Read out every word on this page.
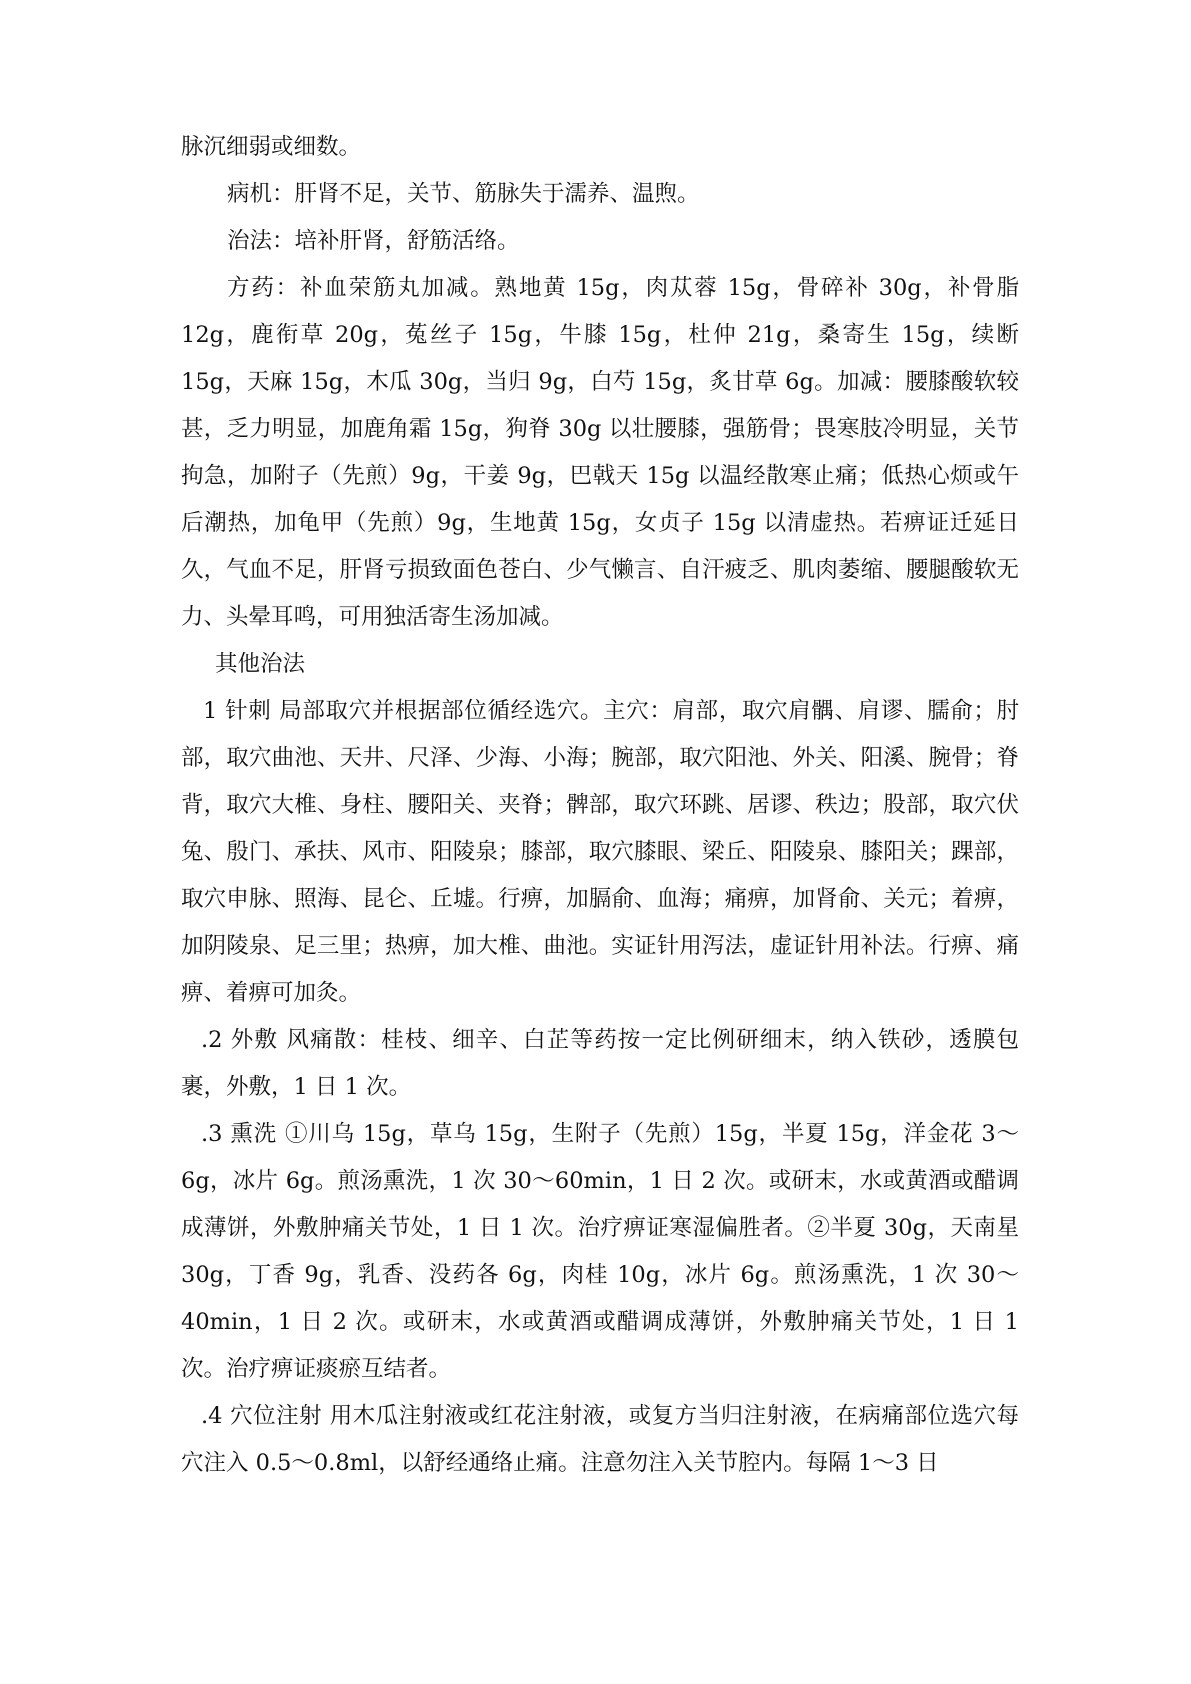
脉沉细弱或细数。

病机：肝肾不足，关节、筋脉失于濡养、温煦。

治法：培补肝肾，舒筋活络。

方药：补血荣筋丸加减。熟地黄 15g，肉苁蓉 15g，骨碎补 30g，补骨脂 12g，鹿衔草 20g，菟丝子 15g，牛膝 15g，杜仲 21g，桑寄生 15g，续断 15g，天麻 15g，木瓜 30g，当归 9g，白芍 15g，炙甘草 6g。加减：腰膝酸软较甚，乏力明显，加鹿角霜 15g，狗脊 30g 以壮腰膝，强筋骨；畏寒肢冷明显，关节拘急，加附子（先煎）9g，干姜 9g，巴戟天 15g 以温经散寒止痛；低热心烦或午后潮热，加龟甲（先煎）9g，生地黄 15g，女贞子 15g 以清虚热。若痹证迁延日久，气血不足，肝肾亏损致面色苍白、少气懒言、自汗疲乏、肌肉萎缩、腰腿酸软无力、头晕耳鸣，可用独活寄生汤加减。

其他治法

1 针刺 局部取穴并根据部位循经选穴。主穴：肩部，取穴肩髃、肩谬、臑俞；肘部，取穴曲池、天井、尺泽、少海、小海；腕部，取穴阳池、外关、阳溪、腕骨；脊背，取穴大椎、身柱、腰阳关、夹脊；髀部，取穴环跳、居谬、秩边；股部，取穴伏兔、殷门、承扶、风市、阳陵泉；膝部，取穴膝眼、梁丘、阳陵泉、膝阳关；踝部，取穴申脉、照海、昆仑、丘墟。行痹，加膈俞、血海；痛痹，加肾俞、关元；着痹，加阴陵泉、足三里；热痹，加大椎、曲池。实证针用泻法，虚证针用补法。行痹、痛痹、着痹可加灸。

.2 外敷 风痛散：桂枝、细辛、白芷等药按一定比例研细末，纳入铁砂，透膜包裹，外敷，1 日 1 次。

.3 熏洗 ①川乌 15g，草乌 15g，生附子（先煎）15g，半夏 15g，洋金花 3～6g，冰片 6g。煎汤熏洗，1 次 30～60min，1 日 2 次。或研末，水或黄酒或醋调成薄饼，外敷肿痛关节处，1 日 1 次。治疗痹证寒湿偏胜者。②半夏 30g，天南星 30g，丁香 9g，乳香、没药各 6g，肉桂 10g，冰片 6g。煎汤熏洗，1 次 30～40min，1 日 2 次。或研末，水或黄酒或醋调成薄饼，外敷肿痛关节处，1 日 1 次。治疗痹证痰瘀互结者。

.4 穴位注射 用木瓜注射液或红花注射液，或复方当归注射液，在病痛部位选穴每穴注入 0.5～0.8ml，以舒经通络止痛。注意勿注入关节腔内。每隔 1～3 日
